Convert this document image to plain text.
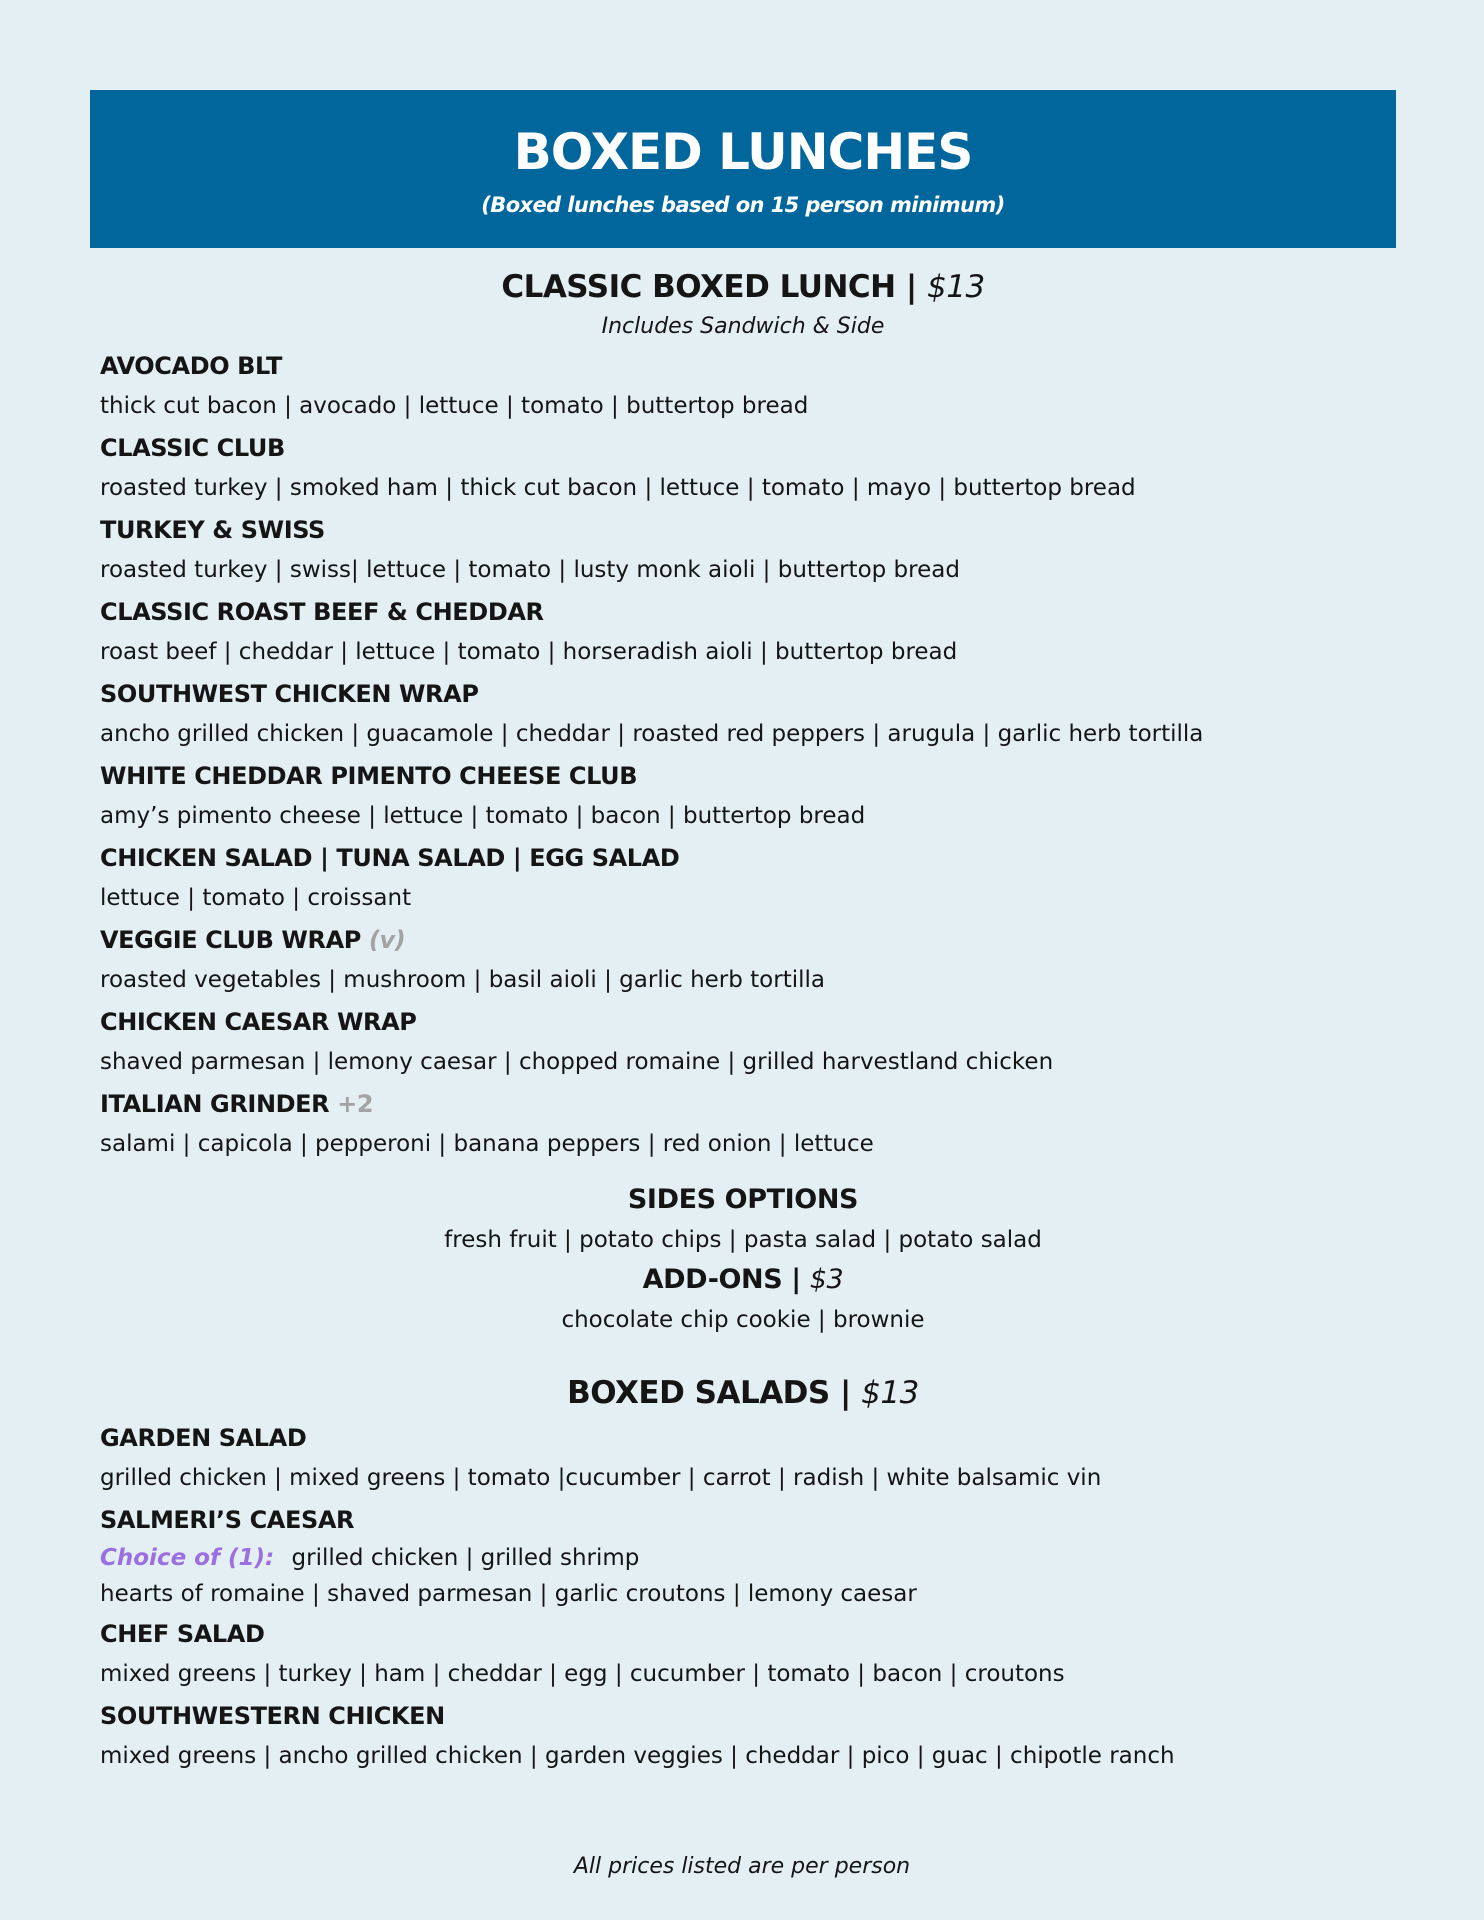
BOXED LUNCHES
(Boxed lunches based on 15 person minimum)
CLASSIC BOXED LUNCH | $13
Includes Sandwich & Side
AVOCADO BLT
thick cut bacon | avocado | lettuce | tomato | buttertop bread
CLASSIC CLUB
roasted turkey | smoked ham | thick cut bacon | lettuce | tomato | mayo | buttertop bread
TURKEY & SWISS
roasted turkey | swiss| lettuce | tomato | lusty monk aioli | buttertop bread
CLASSIC ROAST BEEF & CHEDDAR
roast beef | cheddar | lettuce | tomato | horseradish aioli | buttertop bread
SOUTHWEST CHICKEN WRAP
ancho grilled chicken | guacamole | cheddar | roasted red peppers | arugula | garlic herb tortilla
WHITE CHEDDAR PIMENTO CHEESE CLUB
amy’s pimento cheese | lettuce | tomato | bacon | buttertop bread
CHICKEN SALAD | TUNA SALAD | EGG SALAD
lettuce | tomato | croissant
VEGGIE CLUB WRAP (v)
roasted vegetables | mushroom | basil aioli | garlic herb tortilla
CHICKEN CAESAR WRAP
shaved parmesan | lemony caesar | chopped romaine | grilled harvestland chicken
ITALIAN GRINDER +2
salami | capicola | pepperoni | banana peppers | red onion | lettuce
SIDES OPTIONS
fresh fruit | potato chips | pasta salad | potato salad
ADD-ONS | $3
chocolate chip cookie | brownie
BOXED SALADS | $13
GARDEN SALAD
grilled chicken | mixed greens | tomato |cucumber | carrot | radish | white balsamic vin
SALMERI’S CAESAR
Choice of (1): grilled chicken | grilled shrimp
hearts of romaine | shaved parmesan | garlic croutons | lemony caesar
CHEF SALAD
mixed greens | turkey | ham | cheddar | egg | cucumber | tomato | bacon | croutons
SOUTHWESTERN CHICKEN
mixed greens | ancho grilled chicken | garden veggies | cheddar | pico | guac | chipotle ranch
All prices listed are per person
